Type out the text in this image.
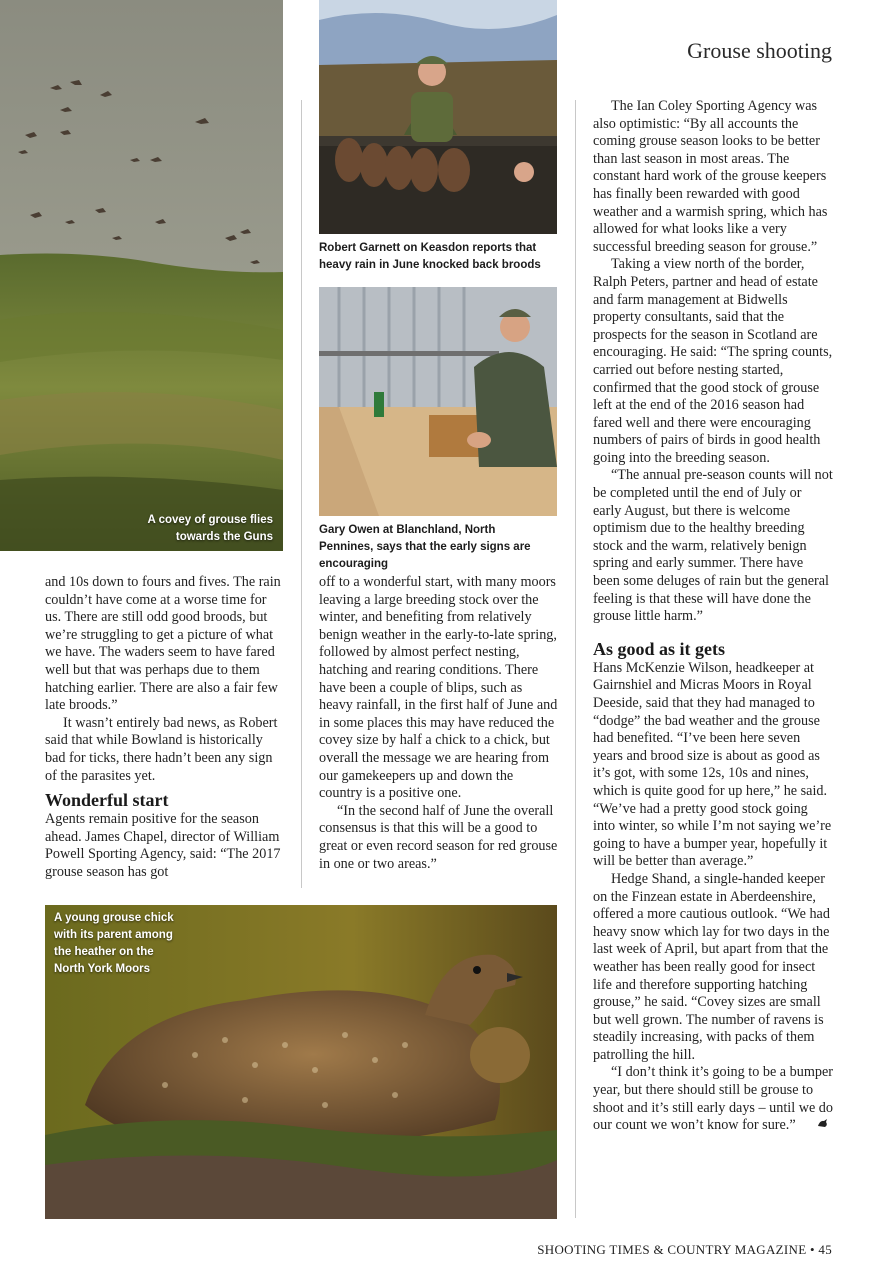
Grouse shooting
A covey of grouse flies towards the Guns
Robert Garnett on Keasdon reports that heavy rain in June knocked back broods
Gary Owen at Blanchland, North Pennines, says that the early signs are encouraging

and 10s down to fours and fives. The rain couldn’t have come at a worse time for us. There are still odd good broods, but we’re struggling to get a picture of what we have. The waders seem to have fared well but that was perhaps due to them hatching earlier. There are also a fair few late broods.”

It wasn’t entirely bad news, as Robert said that while Bowland is historically bad for ticks, there hadn’t been any sign of the parasites yet.

Wonderful start

Agents remain positive for the season ahead. James Chapel, director of William Powell Sporting Agency, said: “The 2017 grouse season has got

off to a wonderful start, with many moors leaving a large breeding stock over the winter, and benefiting from relatively benign weather in the early-to-late spring, followed by almost perfect nesting, hatching and rearing conditions. There have been a couple of blips, such as heavy rainfall, in the first half of June and in some places this may have reduced the covey size by half a chick to a chick, but overall the message we are hearing from our gamekeepers up and down the country is a positive one.

“In the second half of June the overall consensus is that this will be a good to great or even record season for red grouse in one or two areas.”

The Ian Coley Sporting Agency was also optimistic: “By all accounts the coming grouse season looks to be better than last season in most areas. The constant hard work of the grouse keepers has finally been rewarded with good weather and a warmish spring, which has allowed for what looks like a very successful breeding season for grouse.”

Taking a view north of the border, Ralph Peters, partner and head of estate and farm management at Bidwells property consultants, said that the prospects for the season in Scotland are encouraging. He said: “The spring counts, carried out before nesting started, confirmed that the good stock of grouse left at the end of the 2016 season had fared well and there were encouraging numbers of pairs of birds in good health going into the breeding season.

“The annual pre-season counts will not be completed until the end of July or early August, but there is welcome optimism due to the healthy breeding stock and the warm, relatively benign spring and early summer. There have been some deluges of rain but the general feeling is that these will have done the grouse little harm.”

As good as it gets

Hans McKenzie Wilson, headkeeper at Gairnshiel and Micras Moors in Royal Deeside, said that they had managed to “dodge” the bad weather and the grouse had benefited. “I’ve been here seven years and brood size is about as good as it’s got, with some 12s, 10s and nines, which is quite good for up here,” he said. “We’ve had a pretty good stock going into winter, so while I’m not saying we’re going to have a bumper year, hopefully it will be better than average.”

Hedge Shand, a single-handed keeper on the Finzean estate in Aberdeenshire, offered a more cautious outlook. “We had heavy snow which lay for two days in the last week of April, but apart from that the weather has been really good for insect life and therefore supporting hatching grouse,” he said. “Covey sizes are small but well grown. The number of ravens is steadily increasing, with packs of them patrolling the hill.

“I don’t think it’s going to be a bumper year, but there should still be grouse to shoot and it’s still early days – until we do our count we won’t know for sure.”

A young grouse chick with its parent among the heather on the North York Moors
SHOOTING TIMES & COUNTRY MAGAZINE • 45
